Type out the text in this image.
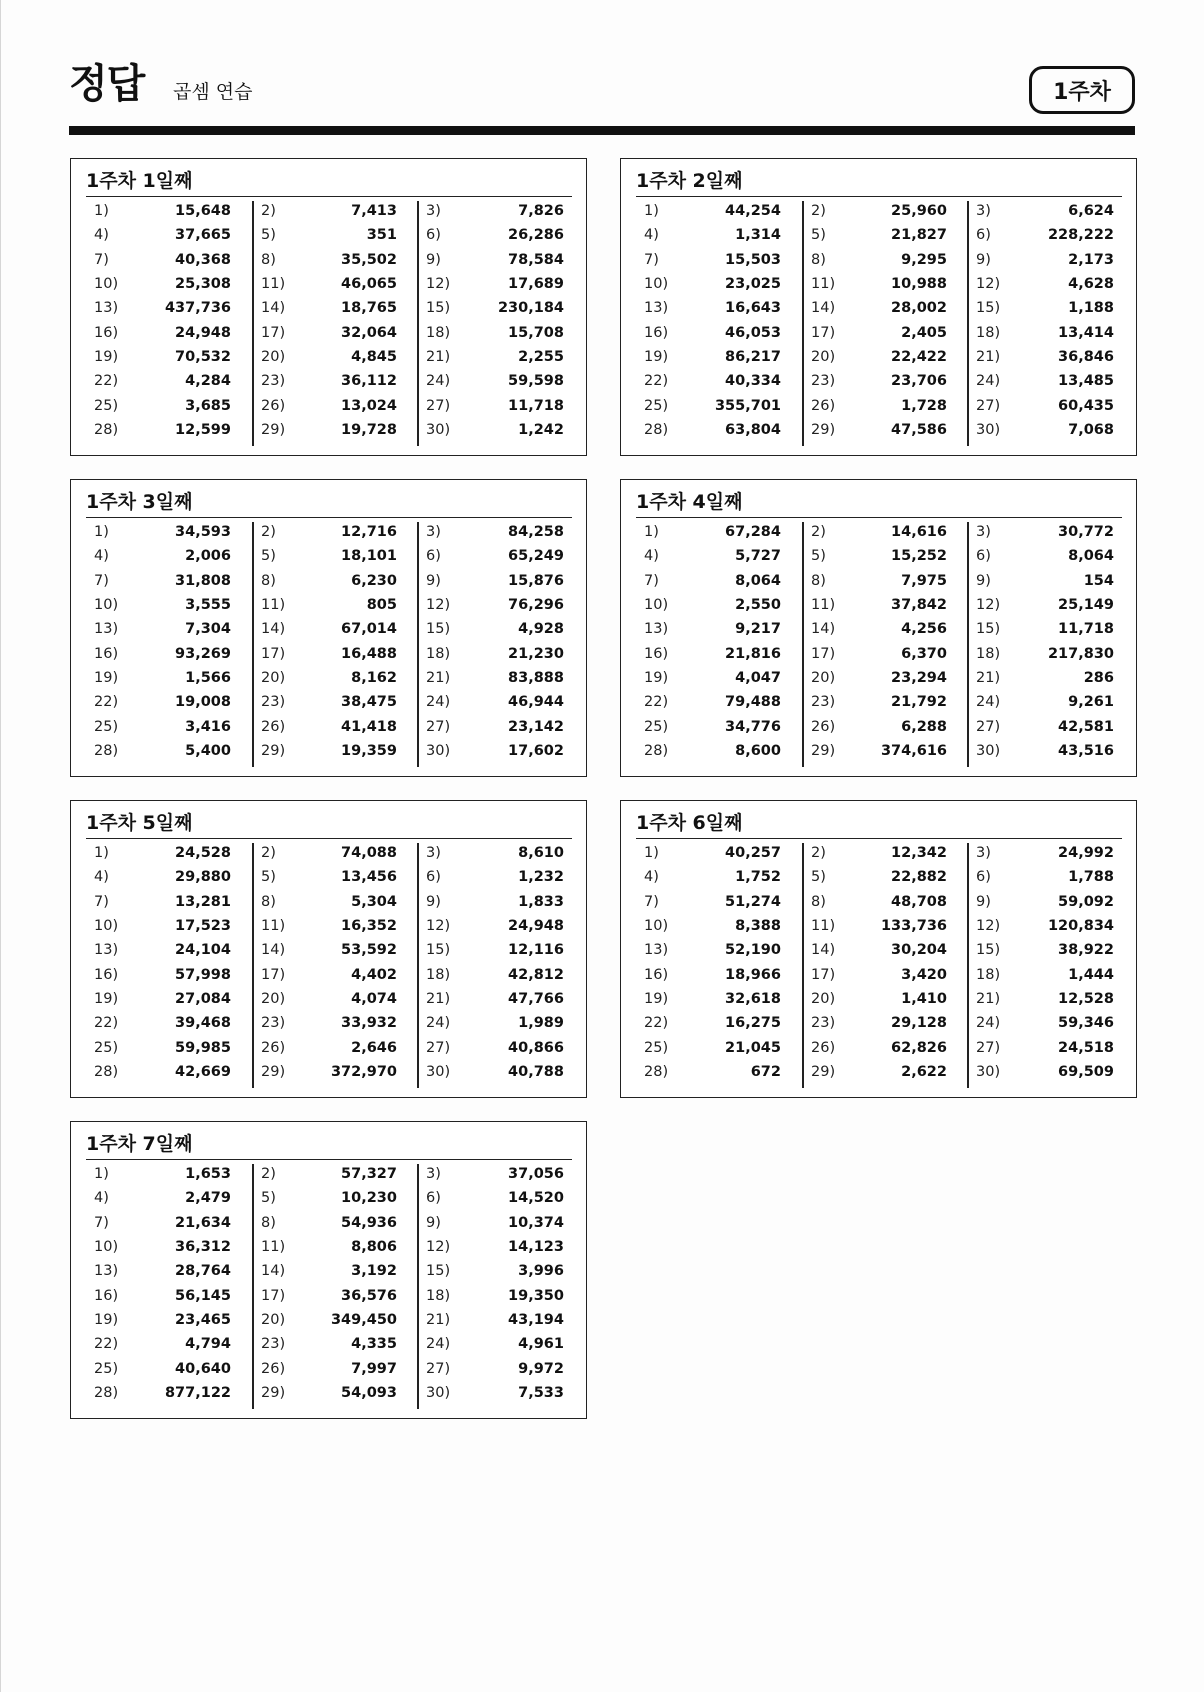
정답 곱셈 연습	1주차
1주차 1일째
1)	15,648 2)	7,413 3)	7,826
4)	37,665 5)	351 6)	26,286
7)	40,368 8)	35,502 9)	78,584
10)	25,308 11)	46,065 12)	17,689
13)	437,736 14)	18,765 15)	230,184
16)	24,948 17)	32,064 18)	15,708
19)	70,532 20)	4,845 21)	2,255
22)	4,284 23)	36,112 24)	59,598
25)	3,685 26)	13,024 27)	11,718
28)	12,599 29)	19,728 30)	1,242
1주차 2일째
1)	44,254 2)	25,960 3)	6,624
4)	1,314 5)	21,827 6)	228,222
7)	15,503 8)	9,295 9)	2,173
10)	23,025 11)	10,988 12)	4,628
13)	16,643 14)	28,002 15)	1,188
16)	46,053 17)	2,405 18)	13,414
19)	86,217 20)	22,422 21)	36,846
22)	40,334 23)	23,706 24)	13,485
25)	355,701 26)	1,728 27)	60,435
28)	63,804 29)	47,586 30)	7,068
1주차 3일째
1)	34,593 2)	12,716 3)	84,258
4)	2,006 5)	18,101 6)	65,249
7)	31,808 8)	6,230 9)	15,876
10)	3,555 11)	805 12)	76,296
13)	7,304 14)	67,014 15)	4,928
16)	93,269 17)	16,488 18)	21,230
19)	1,566 20)	8,162 21)	83,888
22)	19,008 23)	38,475 24)	46,944
25)	3,416 26)	41,418 27)	23,142
28)	5,400 29)	19,359 30)	17,602
1주차 4일째
1)	67,284 2)	14,616 3)	30,772
4)	5,727 5)	15,252 6)	8,064
7)	8,064 8)	7,975 9)	154
10)	2,550 11)	37,842 12)	25,149
13)	9,217 14)	4,256 15)	11,718
16)	21,816 17)	6,370 18)	217,830
19)	4,047 20)	23,294 21)	286
22)	79,488 23)	21,792 24)	9,261
25)	34,776 26)	6,288 27)	42,581
28)	8,600 29)	374,616 30)	43,516
1주차 5일째
1)	24,528 2)	74,088 3)	8,610
4)	29,880 5)	13,456 6)	1,232
7)	13,281 8)	5,304 9)	1,833
10)	17,523 11)	16,352 12)	24,948
13)	24,104 14)	53,592 15)	12,116
16)	57,998 17)	4,402 18)	42,812
19)	27,084 20)	4,074 21)	47,766
22)	39,468 23)	33,932 24)	1,989
25)	59,985 26)	2,646 27)	40,866
28)	42,669 29)	372,970 30)	40,788
1주차 6일째
1)	40,257 2)	12,342 3)	24,992
4)	1,752 5)	22,882 6)	1,788
7)	51,274 8)	48,708 9)	59,092
10)	8,388 11)	133,736 12)	120,834
13)	52,190 14)	30,204 15)	38,922
16)	18,966 17)	3,420 18)	1,444
19)	32,618 20)	1,410 21)	12,528
22)	16,275 23)	29,128 24)	59,346
25)	21,045 26)	62,826 27)	24,518
28)	672 29)	2,622 30)	69,509
1주차 7일째
1)	1,653 2)	57,327 3)	37,056
4)	2,479 5)	10,230 6)	14,520
7)	21,634 8)	54,936 9)	10,374
10)	36,312 11)	8,806 12)	14,123
13)	28,764 14)	3,192 15)	3,996
16)	56,145 17)	36,576 18)	19,350
19)	23,465 20)	349,450 21)	43,194
22)	4,794 23)	4,335 24)	4,961
25)	40,640 26)	7,997 27)	9,972
28)	877,122 29)	54,093 30)	7,533
